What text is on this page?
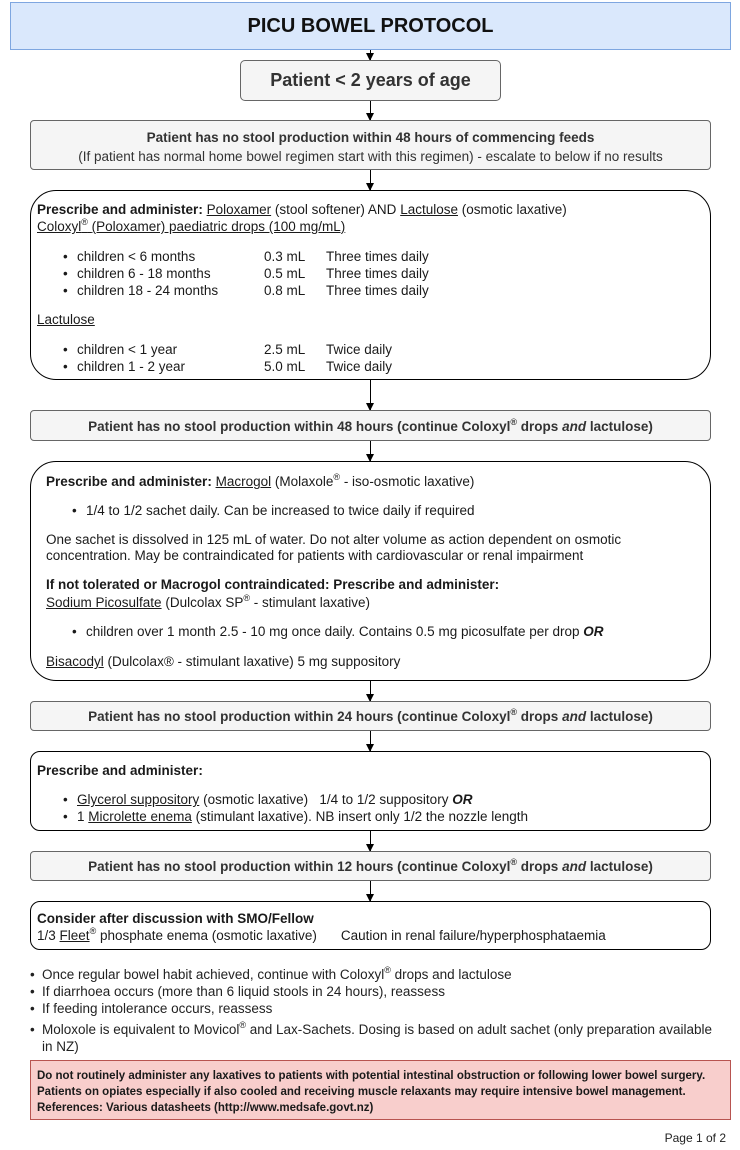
PICU BOWEL PROTOCOL
Patient < 2 years of age
Patient has no stool production within 48 hours of commencing feeds
(If patient has normal home bowel regimen start with this regimen) - escalate to below if no results
Prescribe and administer: Poloxamer (stool softener) AND Lactulose (osmotic laxative)
Coloxyl® (Poloxamer) paediatric drops (100 mg/mL)
• children < 6 months	0.3 mL Three times daily
• children 6 - 18 months	0.5 mL Three times daily
• children 18 - 24 months	0.8 mL Three times daily
Lactulose
• children < 1 year	2.5 mL Twice daily
• children 1 - 2 year	5.0 mL Twice daily
Patient has no stool production within 48 hours (continue Coloxyl® drops and lactulose)
Prescribe and administer: Macrogol (Molaxole® - iso-osmotic laxative)
• 1/4 to 1/2 sachet daily. Can be increased to twice daily if required
One sachet is dissolved in 125 mL of water. Do not alter volume as action dependent on osmotic concentration. May be contraindicated for patients with cardiovascular or renal impairment
If not tolerated or Macrogol contraindicated: Prescribe and administer:
Sodium Picosulfate (Dulcolax SP® - stimulant laxative)
• children over 1 month 2.5 - 10 mg once daily. Contains 0.5 mg picosulfate per drop OR
Bisacodyl (Dulcolax® - stimulant laxative) 5 mg suppository
Patient has no stool production within 24 hours (continue Coloxyl® drops and lactulose)
Prescribe and administer:
• Glycerol suppository (osmotic laxative)   1/4 to 1/2 suppository OR
• 1 Microlette enema (stimulant laxative). NB insert only 1/2 the nozzle length
Patient has no stool production within 12 hours (continue Coloxyl® drops and lactulose)
Consider after discussion with SMO/Fellow
1/3 Fleet® phosphate enema (osmotic laxative) Caution in renal failure/hyperphosphataemia
• Once regular bowel habit achieved, continue with Coloxyl® drops and lactulose
• If diarrhoea occurs (more than 6 liquid stools in 24 hours), reassess
• If feeding intolerance occurs, reassess
• Moloxole is equivalent to Movicol® and Lax-Sachets. Dosing is based on adult sachet (only preparation available in NZ)
Do not routinely administer any laxatives to patients with potential intestinal obstruction or following lower bowel surgery. Patients on opiates especially if also cooled and receiving muscle relaxants may require intensive bowel management. References: Various datasheets (http://www.medsafe.govt.nz)
Page 1 of 2
